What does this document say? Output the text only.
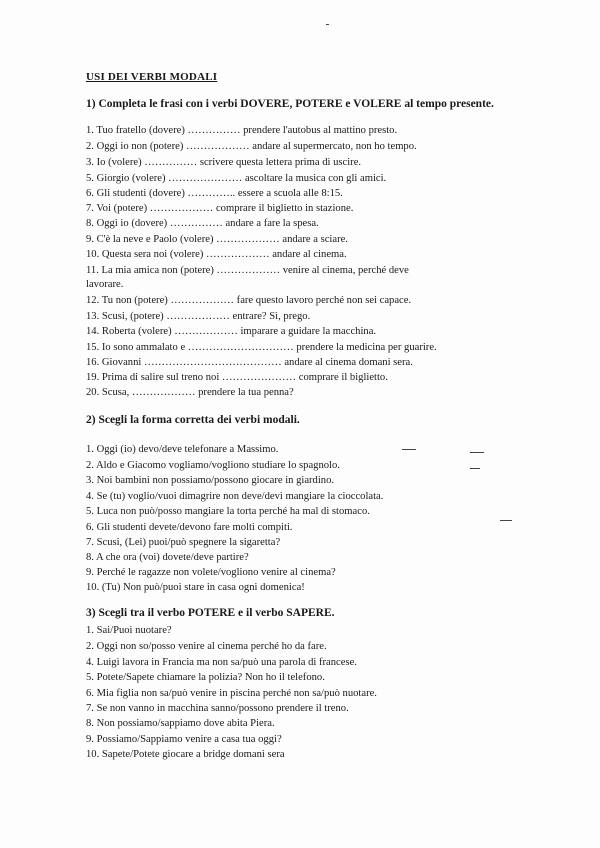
USI DEI VERBI MODALI
1) Completa le frasi con i verbi DOVERE, POTERE e VOLERE al tempo presente.
1. Tuo fratello (dovere) …………… prendere l'autobus al mattino presto.
2. Oggi io non (potere) ……………… andare al supermercato, non ho tempo.
3. Io (volere) …………… scrivere questa lettera prima di uscire.
5. Giorgio (volere) ………………… ascoltare la musica con gli amici.
6. Gli studenti (dovere) ………….. essere a scuola alle 8:15.
7. Voi (potere) ……………… comprare il biglietto in stazione.
8. Oggi io (dovere) …………… andare a fare la spesa.
9. C'è la neve e Paolo (volere) ……………… andare a sciare.
10. Questa sera noi (volere) ……………… andare al cinema.
11. La mia amica non (potere) ……………… venire al cinema, perché deve
lavorare.
12. Tu non (potere) ……………… fare questo lavoro perché non sei capace.
13. Scusi, (potere) ……………… entrare? Sì, prego.
14. Roberta (volere) ……………… imparare a guidare la macchina.
15. Io sono ammalato e ………………………… prendere la medicina per guarire.
16. Giovanni ………………………………… andare al cinema domani sera.
19. Prima di salire sul treno noi ………………… comprare il biglietto.
20. Scusa, ……………… prendere la tua penna?
2) Scegli la forma corretta dei verbi modali.
1. Oggi (io) devo/deve telefonare a Massimo.
2. Aldo e Giacomo vogliamo/vogliono studiare lo spagnolo.
3. Noi bambini non possiamo/possono giocare in giardino.
4. Se (tu) voglio/vuoi dimagrire non deve/devi mangiare la cioccolata.
5. Luca non può/posso mangiare la torta perché ha mal di stomaco.
6. Gli studenti devete/devono fare molti compiti.
7. Scusi, (Lei) puoi/può spegnere la sigaretta?
8. A che ora (voi) dovete/deve partire?
9. Perché le ragazze non volete/vogliono venire al cinema?
10. (Tu) Non può/puoi stare in casa ogni domenica!
3) Scegli tra il verbo POTERE e il verbo SAPERE.
1. Sai/Puoi nuotare?
2. Oggi non so/posso venire al cinema perché ho da fare.
4. Luigi lavora in Francia ma non sa/può una parola di francese.
5. Potete/Sapete chiamare la polizia? Non ho il telefono.
6. Mia figlia non sa/può venire in piscina perché non sa/può nuotare.
7. Se non vanno in macchina sanno/possono prendere il treno.
8. Non possiamo/sappiamo dove abita Piera.
9. Possiamo/Sappiamo venire a casa tua oggi?
10. Sapete/Potete giocare a bridge domani sera
